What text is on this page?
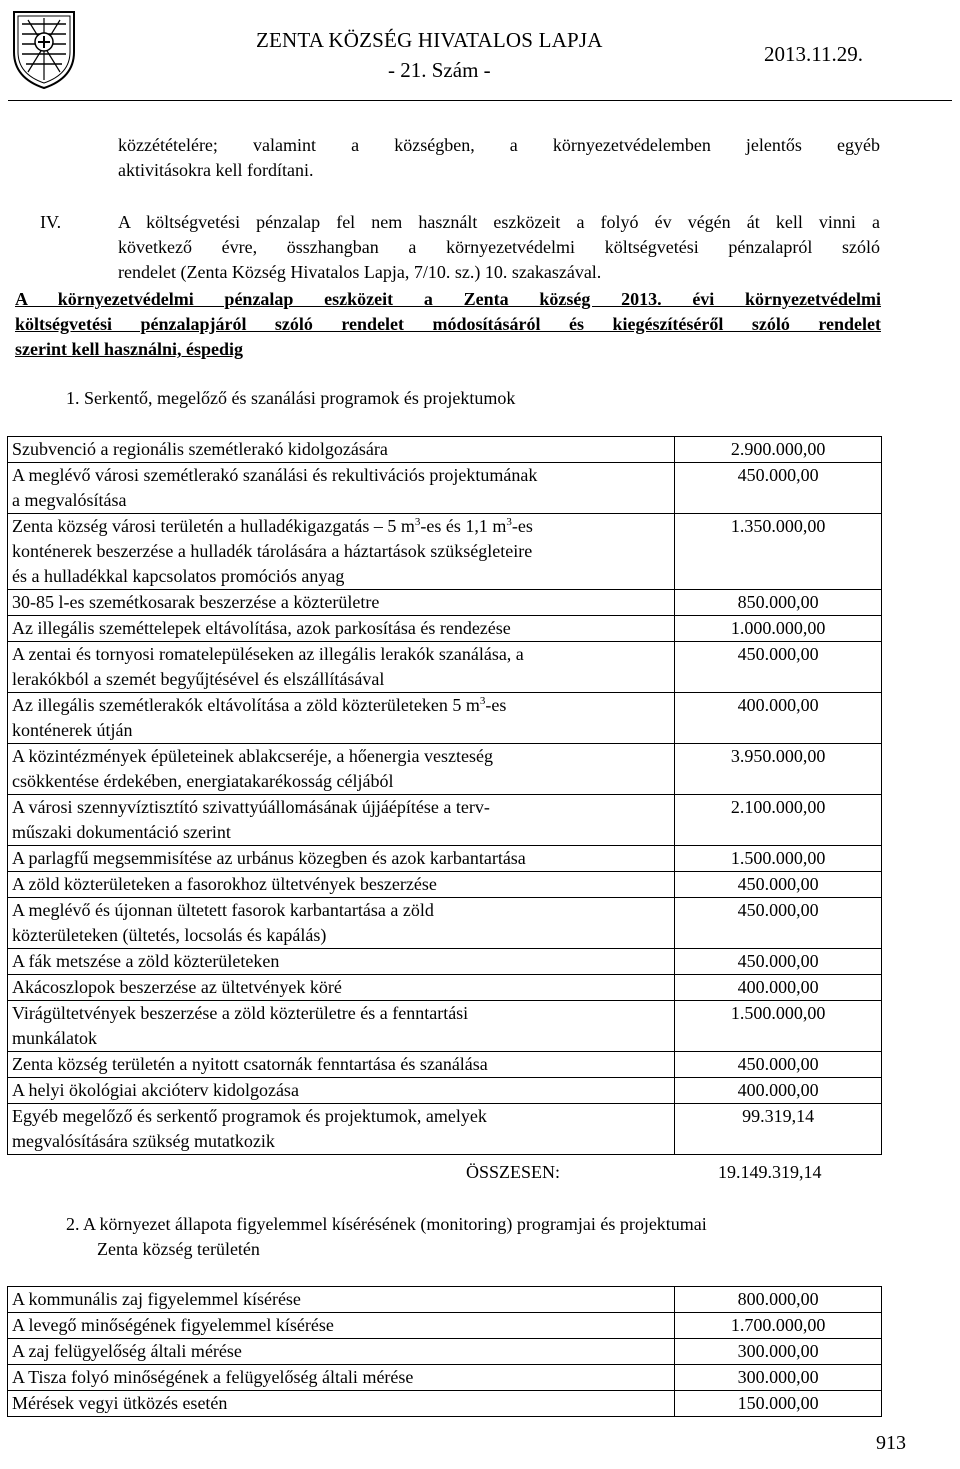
ZENTA KÖZSÉG HIVATALOS LAPJA
- 21. Szám -
2013.11.29.
közzétételére; valamint a községben, a környezetvédelemben jelentős egyéb
aktivitásokra kell fordítani.
IV.	A költségvetési pénzalap fel nem használt eszközeit a folyó év végén át kell vinni a
következő évre, összhangban a környezetvédelmi költségvetési pénzalapról szóló
rendelet (Zenta Község Hivatalos Lapja, 7/10. sz.) 10. szakaszával.
A környezetvédelmi pénzalap eszközeit a Zenta község 2013. évi környezetvédelmi
költségvetési pénzalapjáról szóló rendelet módosításáról és kiegészítéséről szóló rendelet
szerint kell használni, éspedig
1. Serkentő, megelőző és szanálási programok és projektumok
Szubvenció a regionális szemétlerakó kidolgozására	2.900.000,00

A meglévő városi szemétlerakó szanálási és rekultivációs projektumának
a megvalósítása	450.000,00

Zenta község városi területén a hulladékigazgatás – 5 $m^3-es$ és 1,1 $m^3-es$
konténerek beszerzése a hulladék tárolására a háztartások szükségleteire
és a hulladékkal kapcsolatos promóciós anyag	1.350.000,00

30-85 l-es szemétkosarak beszerzése a közterületre	850.000,00

Az illegális szeméttelepek eltávolítása, azok parkosítása és rendezése	1.000.000,00

A zentai és tornyosi romatelepüléseken az illegális lerakók szanálása, a
lerakókból a szemét begyűjtésével és elszállításával	450.000,00

Az illegális szemétlerakók eltávolítása a zöld közterületeken 5 $m^3-es$
konténerek útján	400.000,00

A közintézmények épületeinek ablakcseréje, a hőenergia veszteség
csökkentése érdekében, energiatakarékosság céljából	3.950.000,00

A városi szennyvíztisztító szivattyúállomásának újjáépítése a terv-
műszaki dokumentáció szerint	2.100.000,00

A parlagfű megsemmisítése az urbánus közegben és azok karbantartása	1.500.000,00

A zöld közterületeken a fasorokhoz ültetvények beszerzése	450.000,00

A meglévő és újonnan ültetett fasorok karbantartása a zöld
közterületeken (ültetés, locsolás és kapálás)	450.000,00

A fák metszése a zöld közterületeken	450.000,00

Akácoszlopok beszerzése az ültetvények köré	400.000,00

Virágültetvények beszerzése a zöld közterületre és a fenntartási
munkálatok	1.500.000,00

Zenta község területén a nyitott csatornák fenntartása és szanálása	450.000,00

A helyi ökológiai akcióterv kidolgozása	400.000,00

Egyéb megelőző és serkentő programok és projektumok, amelyek
megvalósítására szükség mutatkozik	99.319,14
ÖSSZESEN:	19.149.319,14
2. A környezet állapota figyelemmel kísérésének (monitoring) programjai és projektumai
Zenta község területén
A kommunális zaj figyelemmel kísérése	800.000,00
A levegő minőségének figyelemmel kísérése	1.700.000,00
A zaj felügyelőség általi mérése	300.000,00
A Tisza folyó minőségének a felügyelőség általi mérése	300.000,00
Mérések vegyi ütközés esetén	150.000,00
913
